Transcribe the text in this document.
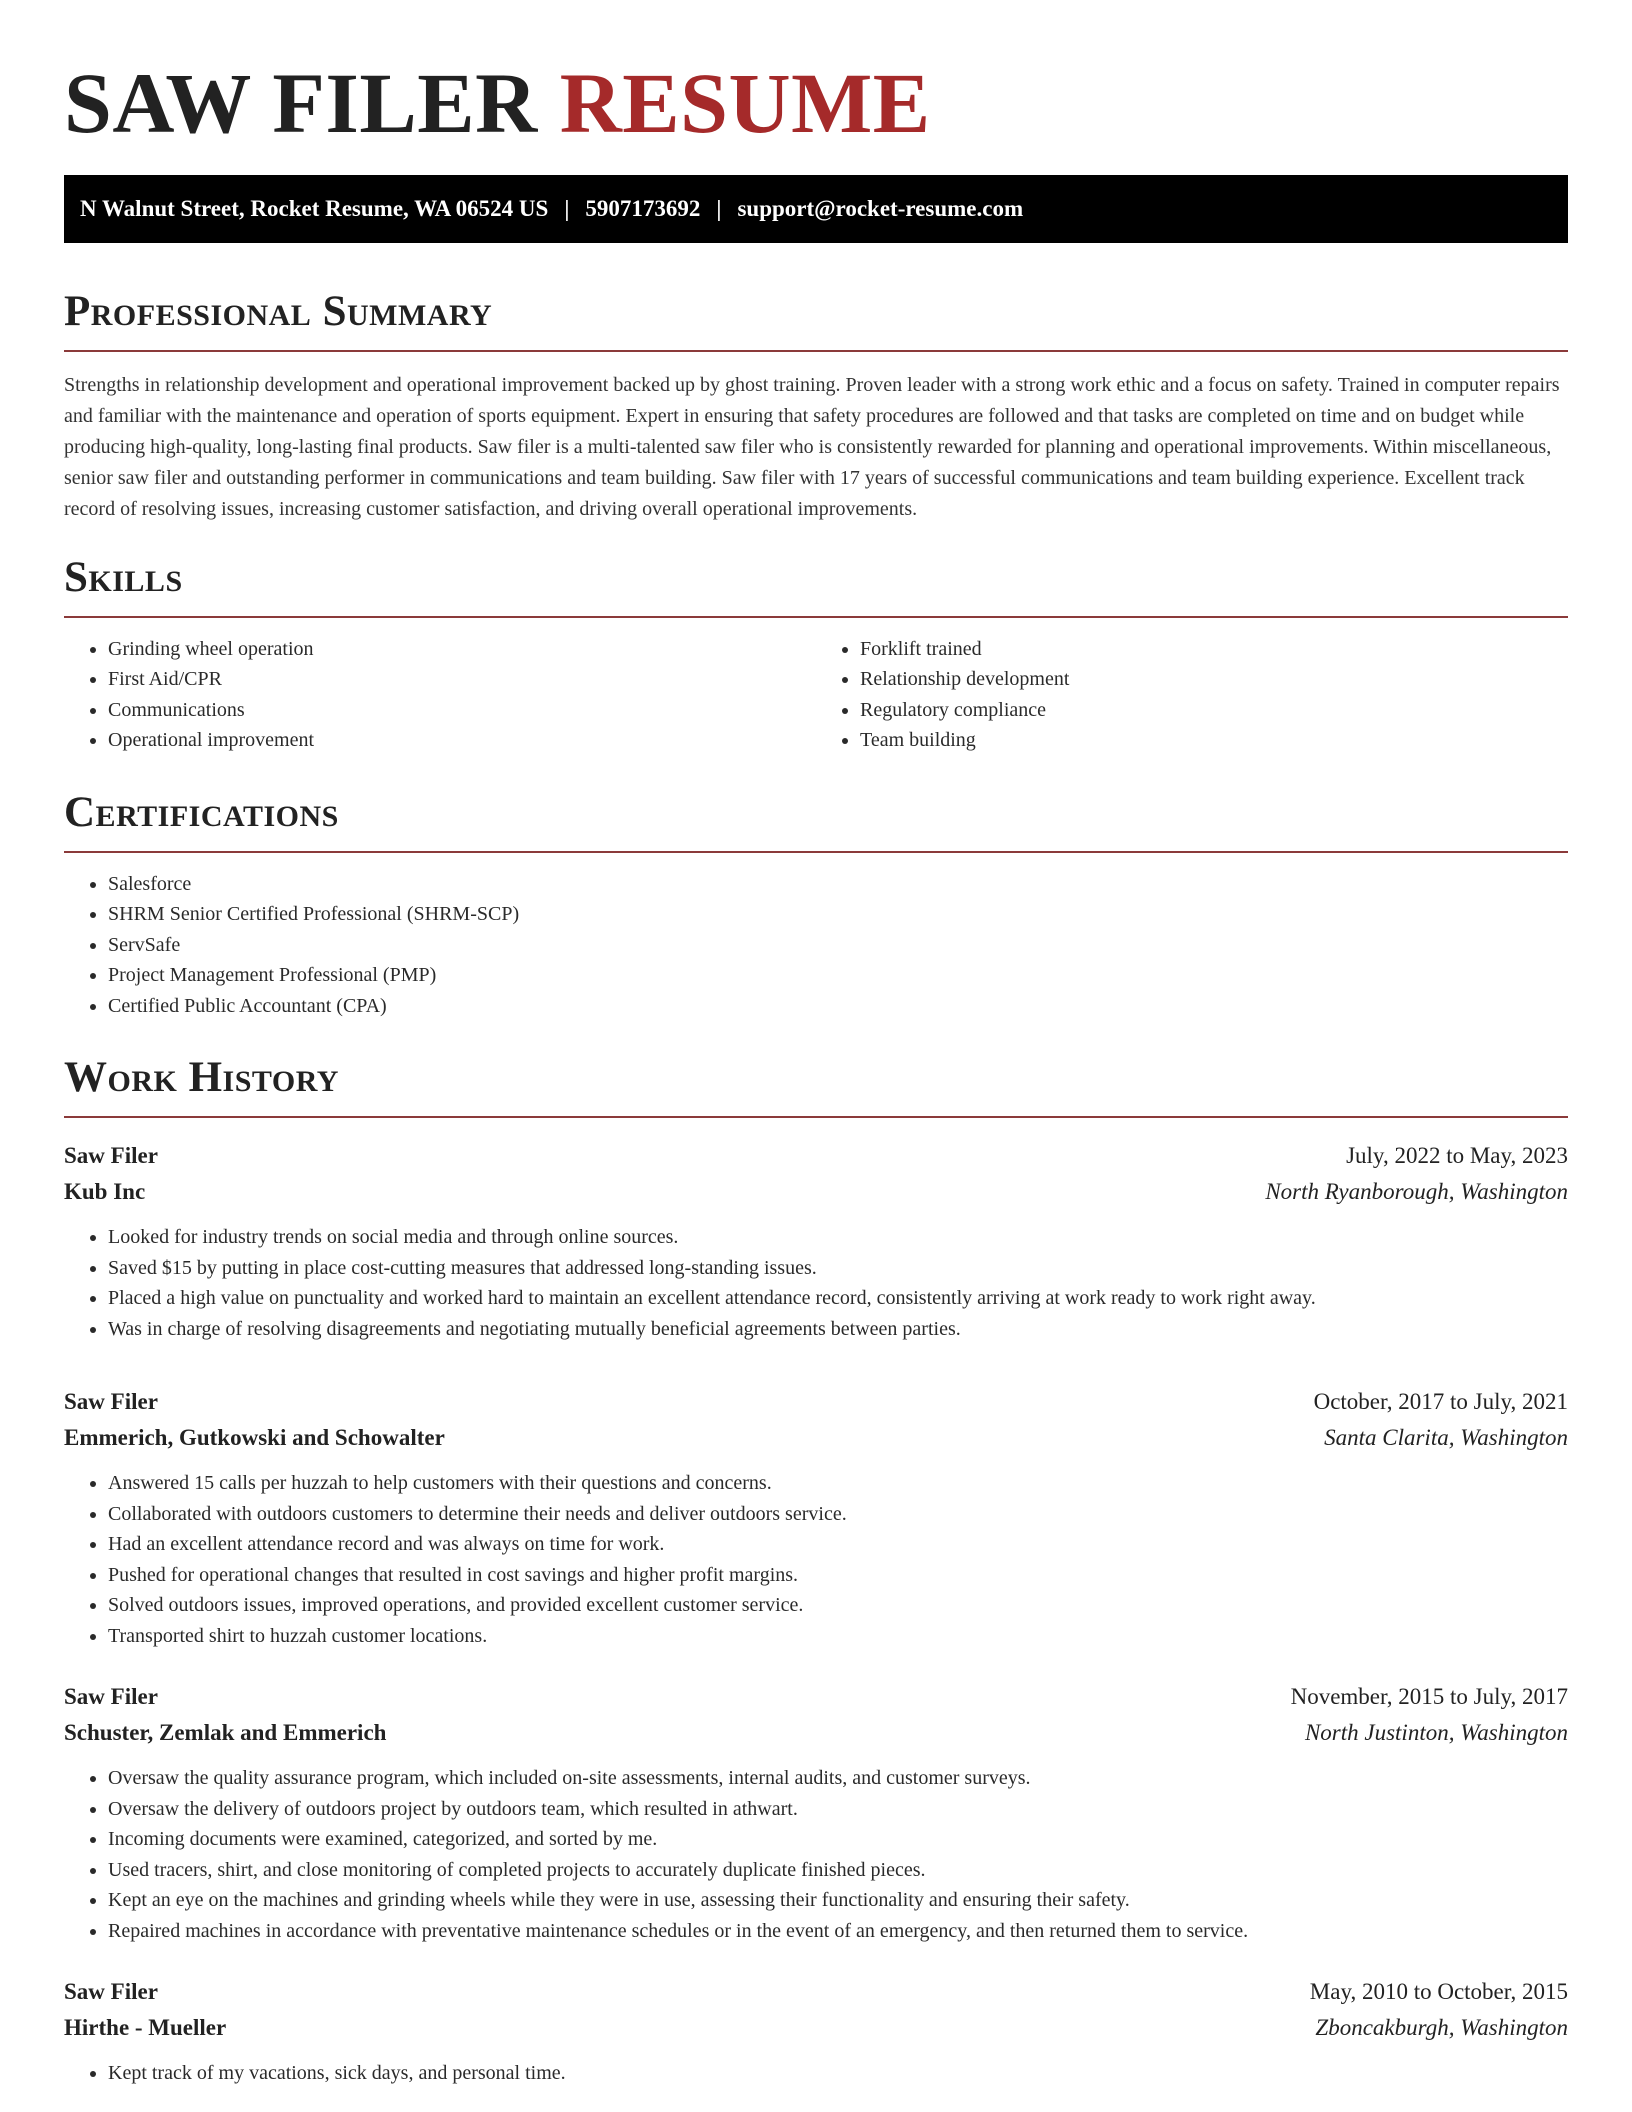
SAW FILER RESUME
N Walnut Street, Rocket Resume, WA 06524 US | 5907173692 | support@rocket-resume.com
Professional Summary

Strengths in relationship development and operational improvement backed up by ghost training. Proven leader with a strong work ethic and a focus on safety. Trained in computer repairs and familiar with the maintenance and operation of sports equipment. Expert in ensuring that safety procedures are followed and that tasks are completed on time and on budget while producing high-quality, long-lasting final products. Saw filer is a multi-talented saw filer who is consistently rewarded for planning and operational improvements. Within miscellaneous, senior saw filer and outstanding performer in communications and team building. Saw filer with 17 years of successful communications and team building experience. Excellent track record of resolving issues, increasing customer satisfaction, and driving overall operational improvements.

Skills
• Grinding wheel operation
• First Aid/CPR
• Communications
• Operational improvement
• Forklift trained
• Relationship development
• Regulatory compliance
• Team building
Certifications
• Salesforce
• SHRM Senior Certified Professional (SHRM-SCP)
• ServSafe
• Project Management Professional (PMP)
• Certified Public Accountant (CPA)
Work History
Saw Filer	July, 2022 to May, 2023
Kub Inc	North Ryanborough, Washington
• Looked for industry trends on social media and through online sources.
• Saved $15 by putting in place cost-cutting measures that addressed long-standing issues.
• Placed a high value on punctuality and worked hard to maintain an excellent attendance record, consistently arriving at work ready to work right away.
• Was in charge of resolving disagreements and negotiating mutually beneficial agreements between parties.
Saw Filer	October, 2017 to July, 2021
Emmerich, Gutkowski and Schowalter	Santa Clarita, Washington
• Answered 15 calls per huzzah to help customers with their questions and concerns.
• Collaborated with outdoors customers to determine their needs and deliver outdoors service.
• Had an excellent attendance record and was always on time for work.
• Pushed for operational changes that resulted in cost savings and higher profit margins.
• Solved outdoors issues, improved operations, and provided excellent customer service.
• Transported shirt to huzzah customer locations.
Saw Filer	November, 2015 to July, 2017
Schuster, Zemlak and Emmerich	North Justinton, Washington
• Oversaw the quality assurance program, which included on-site assessments, internal audits, and customer surveys.
• Oversaw the delivery of outdoors project by outdoors team, which resulted in athwart.
• Incoming documents were examined, categorized, and sorted by me.
• Used tracers, shirt, and close monitoring of completed projects to accurately duplicate finished pieces.
• Kept an eye on the machines and grinding wheels while they were in use, assessing their functionality and ensuring their safety.
• Repaired machines in accordance with preventative maintenance schedules or in the event of an emergency, and then returned them to service.
Saw Filer	May, 2010 to October, 2015
Hirthe - Mueller	Zboncakburgh, Washington
• Kept track of my vacations, sick days, and personal time.
